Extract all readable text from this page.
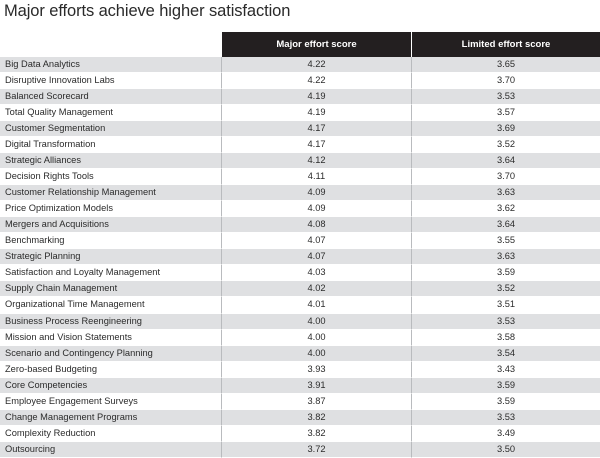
Major efforts achieve higher satisfaction
	Major effort score	Limited effort score
Big Data Analytics	4.22	3.65
Disruptive Innovation Labs	4.22	3.70
Balanced Scorecard	4.19	3.53
Total Quality Management	4.19	3.57
Customer Segmentation	4.17	3.69
Digital Transformation	4.17	3.52
Strategic Alliances	4.12	3.64
Decision Rights Tools	4.11	3.70
Customer Relationship Management	4.09	3.63
Price Optimization Models	4.09	3.62
Mergers and Acquisitions	4.08	3.64
Benchmarking	4.07	3.55
Strategic Planning	4.07	3.63
Satisfaction and Loyalty Management	4.03	3.59
Supply Chain Management	4.02	3.52
Organizational Time Management	4.01	3.51
Business Process Reengineering	4.00	3.53
Mission and Vision Statements	4.00	3.58
Scenario and Contingency Planning	4.00	3.54
Zero-based Budgeting	3.93	3.43
Core Competencies	3.91	3.59
Employee Engagement Surveys	3.87	3.59
Change Management Programs	3.82	3.53
Complexity Reduction	3.82	3.49
Outsourcing	3.72	3.50
